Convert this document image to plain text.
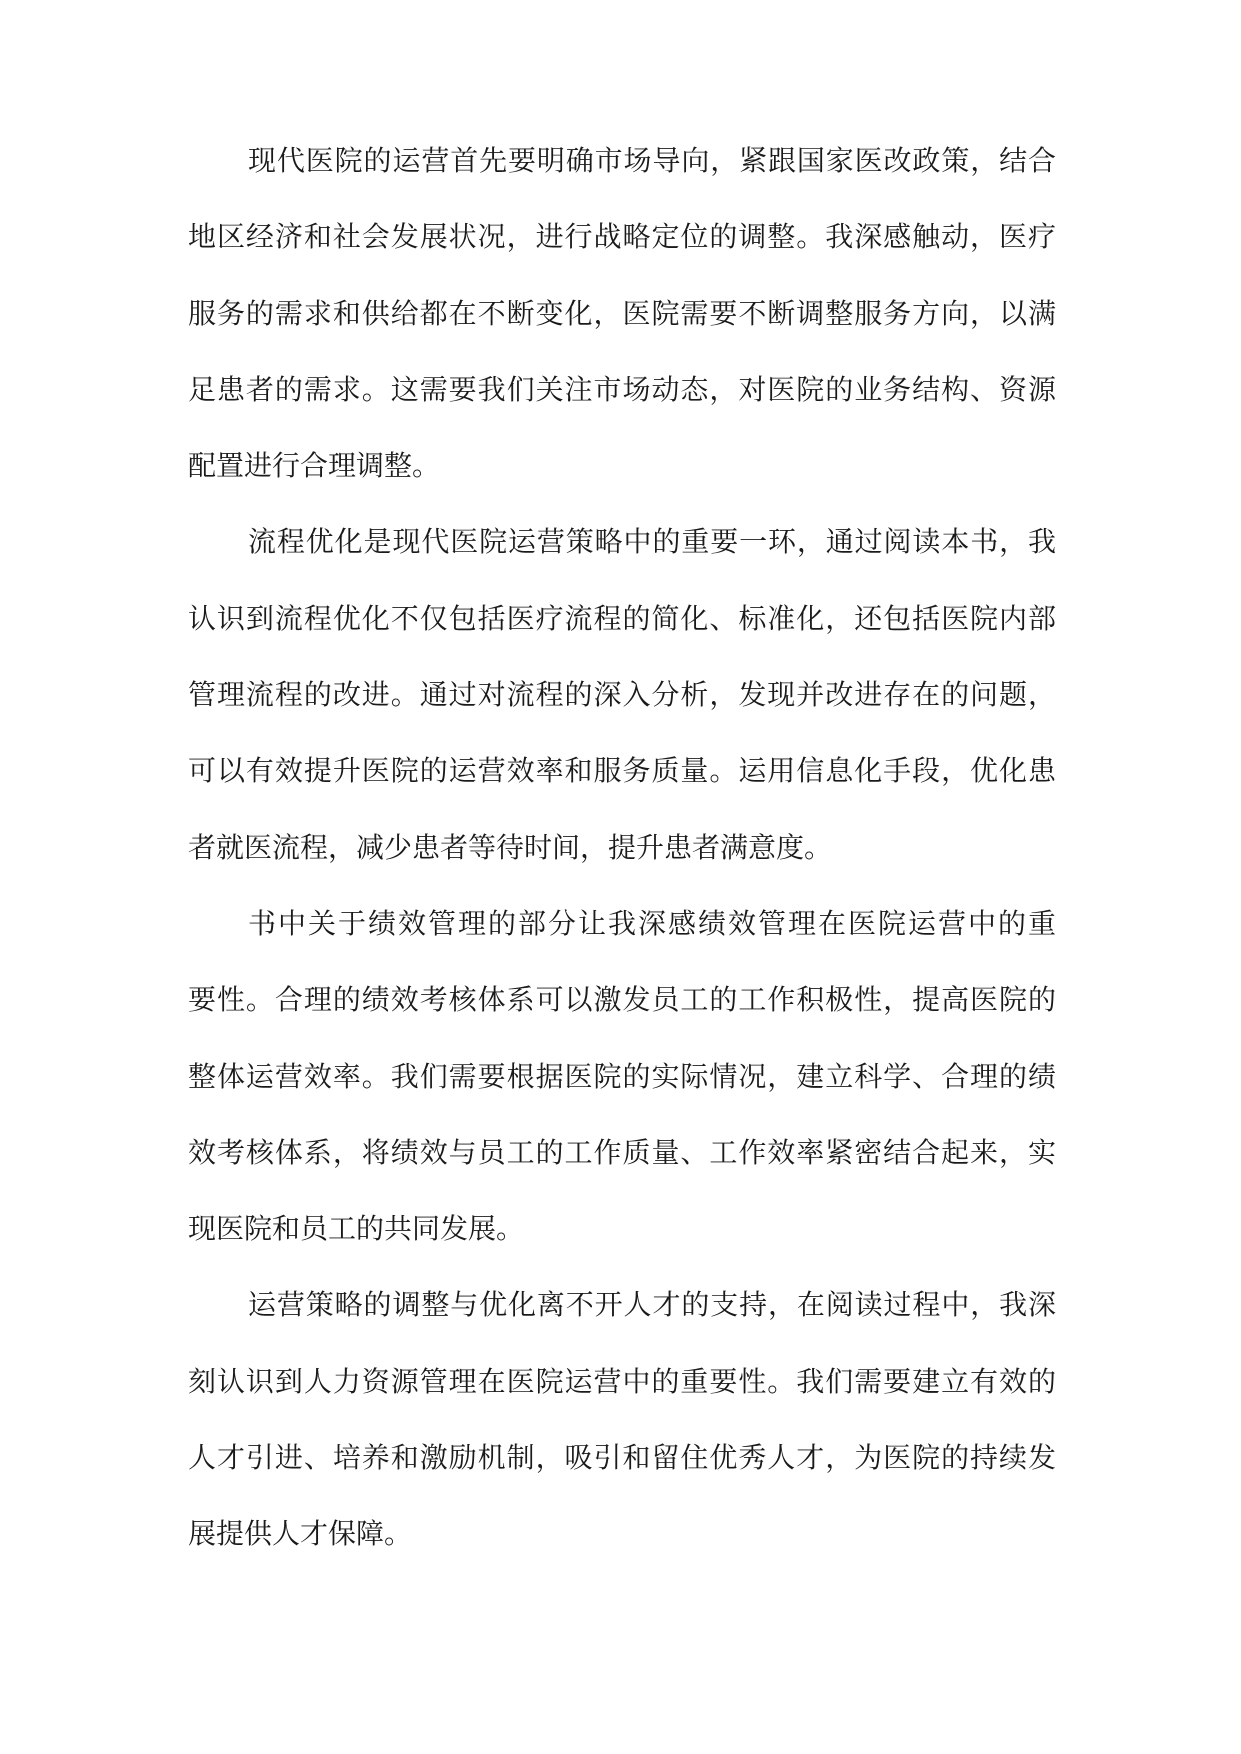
现代医院的运营首先要明确市场导向，紧跟国家医改政策，结合
地区经济和社会发展状况，进行战略定位的调整。我深感触动，医疗
服务的需求和供给都在不断变化，医院需要不断调整服务方向，以满
足患者的需求。这需要我们关注市场动态，对医院的业务结构、资源
配置进行合理调整。
流程优化是现代医院运营策略中的重要一环，通过阅读本书，我
认识到流程优化不仅包括医疗流程的简化、标准化，还包括医院内部
管理流程的改进。通过对流程的深入分析，发现并改进存在的问题，
可以有效提升医院的运营效率和服务质量。运用信息化手段，优化患
者就医流程，减少患者等待时间，提升患者满意度。
书中关于绩效管理的部分让我深感绩效管理在医院运营中的重
要性。合理的绩效考核体系可以激发员工的工作积极性，提高医院的
整体运营效率。我们需要根据医院的实际情况，建立科学、合理的绩
效考核体系，将绩效与员工的工作质量、工作效率紧密结合起来，实
现医院和员工的共同发展。
运营策略的调整与优化离不开人才的支持，在阅读过程中，我深
刻认识到人力资源管理在医院运营中的重要性。我们需要建立有效的
人才引进、培养和激励机制，吸引和留住优秀人才，为医院的持续发
展提供人才保障。
